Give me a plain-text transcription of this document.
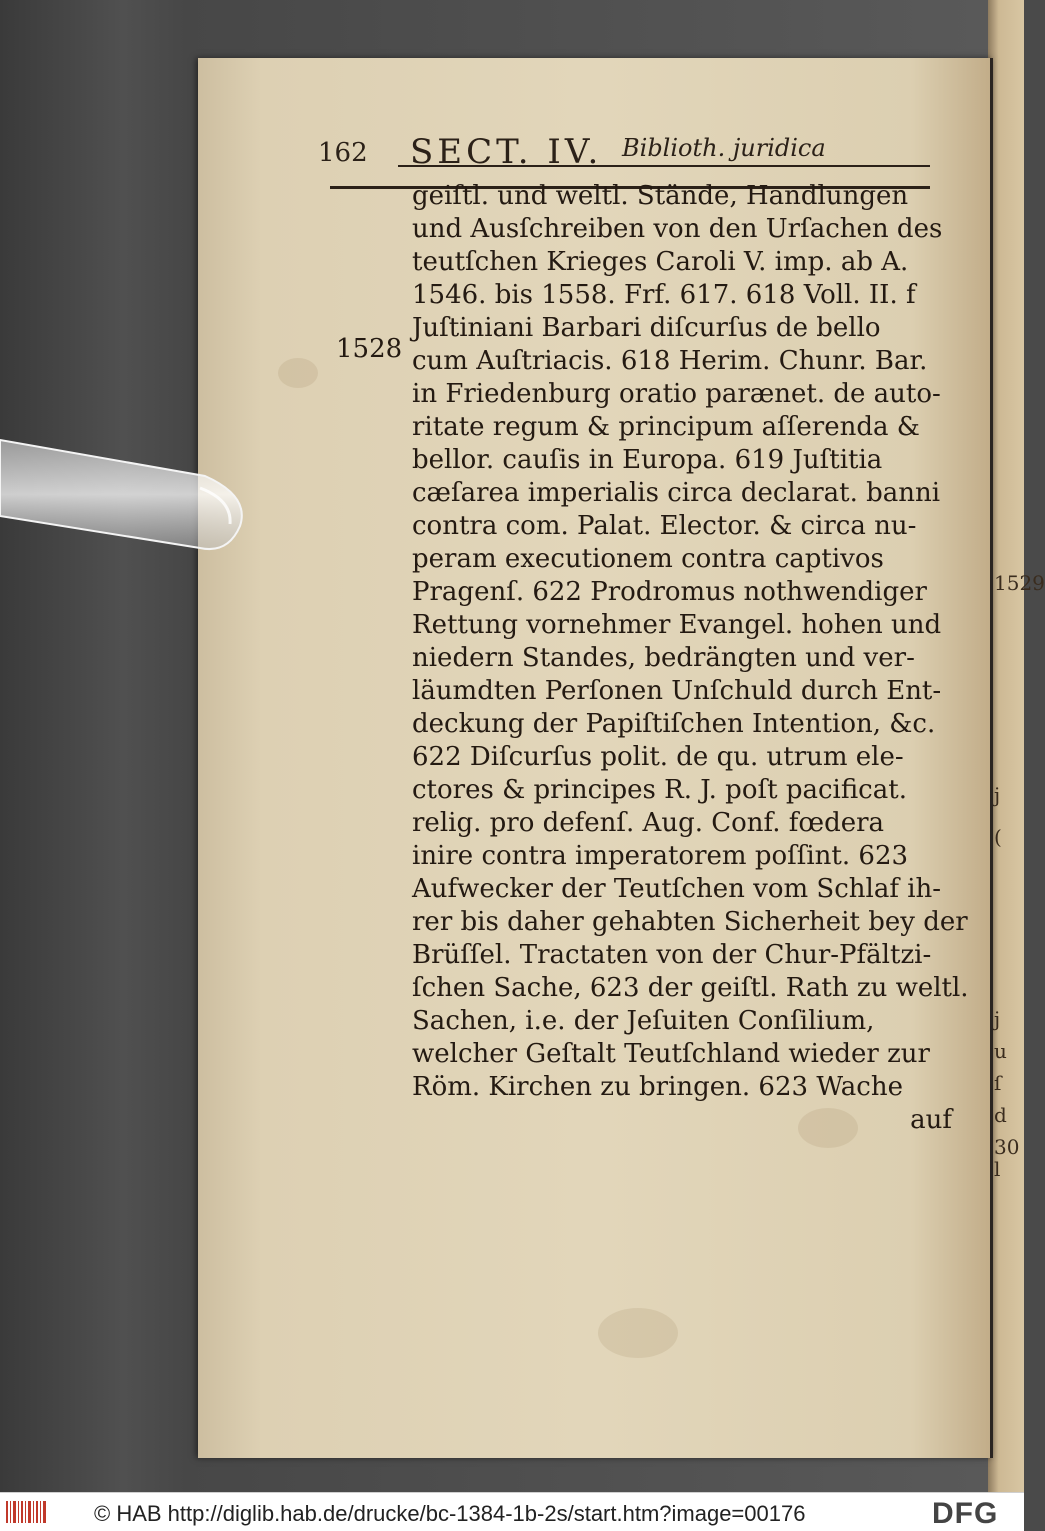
1529
j
(
j
u
ſ
d
30 l
162 SECT. IV. Biblioth. juridica
1528
geiſtl. und weltl. Stände, Handlungen
und Ausſchreiben von den Urſachen des
teutſchen Krieges Caroli V. imp. ab A.
1546. bis 1558. Frf. 617. 618 Voll. II. f
Juſtiniani Barbari diſcurſus de bello
cum Auſtriacis. 618 Herim. Chunr. Bar.
in Friedenburg oratio parænet. de auto-
ritate regum & principum aſſerenda &
bellor. cauſis in Europa. 619 Juſtitia
cæſarea imperialis circa declarat. banni
contra com. Palat. Elector. & circa nu-
peram executionem contra captivos
Pragenſ. 622 Prodromus nothwendiger
Rettung vornehmer Evangel. hohen und
niedern Standes, bedrängten und ver-
läumdten Perſonen Unſchuld durch Ent-
deckung der Papiſtiſchen Intention, &c.
622 Diſcurſus polit. de qu. utrum ele-
ctores & principes R. J. poſt pacificat.
relig. pro defenſ. Aug. Conf. fœdera
inire contra imperatorem poſſint. 623
Aufwecker der Teutſchen vom Schlaf ih-
rer bis daher gehabten Sicherheit bey der
Brüſſel. Tractaten von der Chur-Pfältzi-
ſchen Sache, 623 der geiſtl. Rath zu weltl.
Sachen, i.e. der Jeſuiten Conſilium,
welcher Geſtalt Teutſchland wieder zur
Röm. Kirchen zu bringen. 623 Wache
auf
© HAB http://diglib.hab.de/drucke/bc-1384-1b-2s/start.htm?image=00176	DFG
